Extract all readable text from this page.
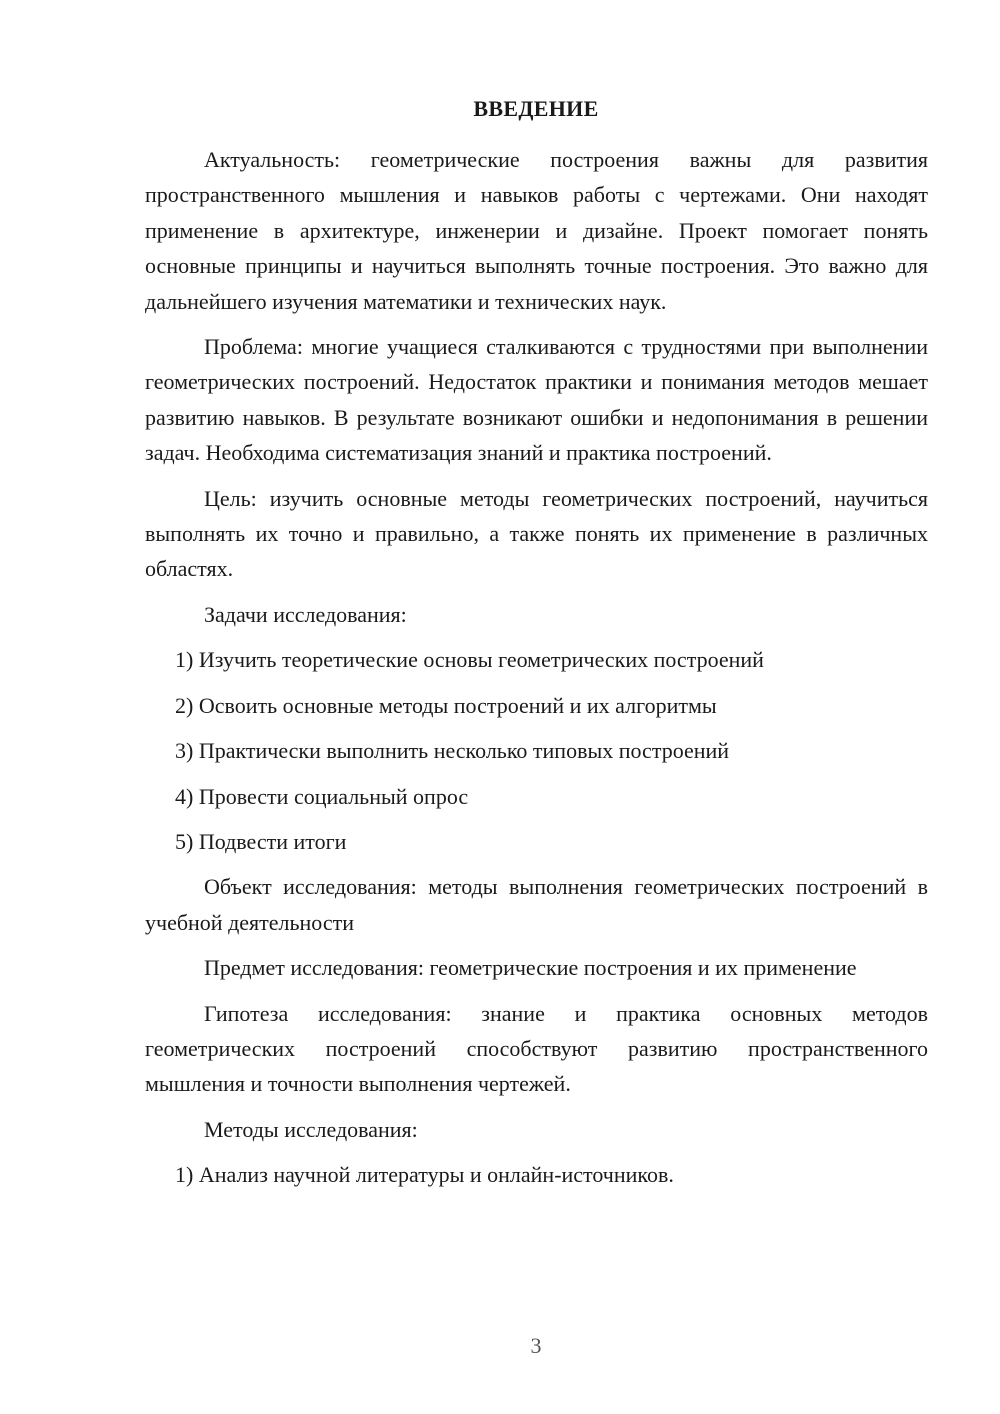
ВВЕДЕНИЕ

Актуальность: геометрические построения важны для развития пространственного мышления и навыков работы с чертежами. Они находят применение в архитектуре, инженерии и дизайне. Проект помогает понять основные принципы и научиться выполнять точные построения. Это важно для дальнейшего изучения математики и технических наук.

Проблема: многие учащиеся сталкиваются с трудностями при выполнении геометрических построений. Недостаток практики и понимания методов мешает развитию навыков. В результате возникают ошибки и недопонимания в решении задач. Необходима систематизация знаний и практика построений.

Цель: изучить основные методы геометрических построений, научиться выполнять их точно и правильно, а также понять их применение в различных областях.

Задачи исследования:

1) Изучить теоретические основы геометрических построений

2) Освоить основные методы построений и их алгоритмы

3) Практически выполнить несколько типовых построений

4) Провести социальный опрос

5) Подвести итоги

Объект исследования: методы выполнения геометрических построений в учебной деятельности

Предмет исследования: геометрические построения и их применение

Гипотеза исследования: знание и практика основных методов геометрических построений способствуют развитию пространственного мышления и точности выполнения чертежей.

Методы исследования:

1) Анализ научной литературы и онлайн-источников.

3
